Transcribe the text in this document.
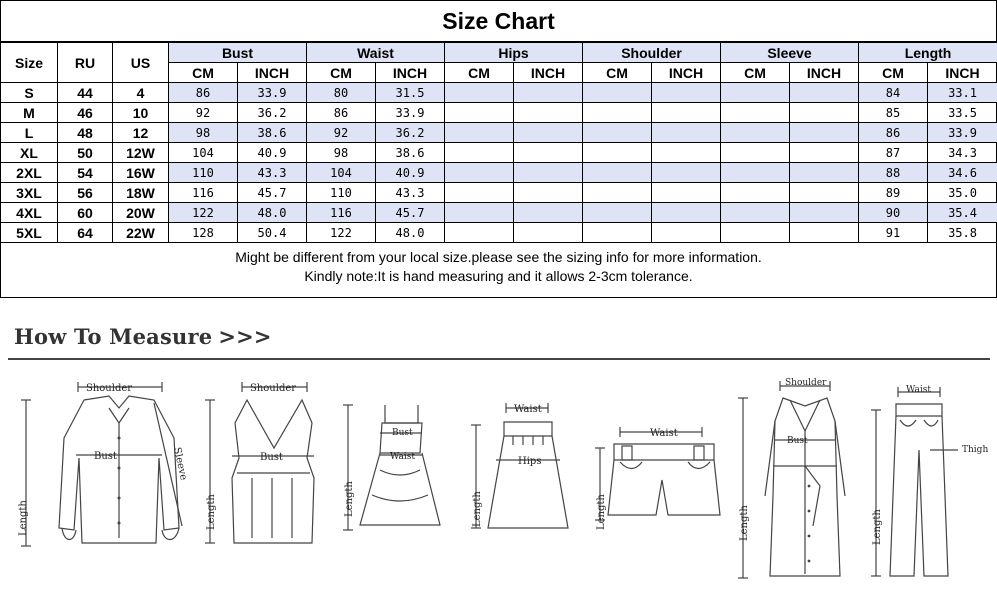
Size Chart
Size	RU	US	Bust		Waist		Hips		Shoulder		Sleeve		Length	
			CM	INCH	CM	INCH	CM	INCH	CM	INCH	CM	INCH	CM	INCH
S	44	4	86	33.9	80	31.5							84	33.1
M	46	10	92	36.2	86	33.9							85	33.5
L	48	12	98	38.6	92	36.2							86	33.9
XL	50	12W	104	40.9	98	38.6							87	34.3
2XL	54	16W	110	43.3	104	40.9							88	34.6
3XL	56	18W	116	45.7	110	43.3							89	35.0
4XL	60	20W	122	48.0	116	45.7							90	35.4
5XL	64	22W	128	50.4	122	48.0							91	35.8
Might be different from your local size.please see the sizing info for more information.
Kindly note:It is hand measuring and it allows 2-3cm tolerance.
How To Measure >>>
Shoulder
Bust
Length
Sleeve
Shoulder
Bust
Length
Bust
Waist
Length
Waist
Hips
Length
Waist
Length
Shoulder
Bust
Length
Waist
Thigh
Length
